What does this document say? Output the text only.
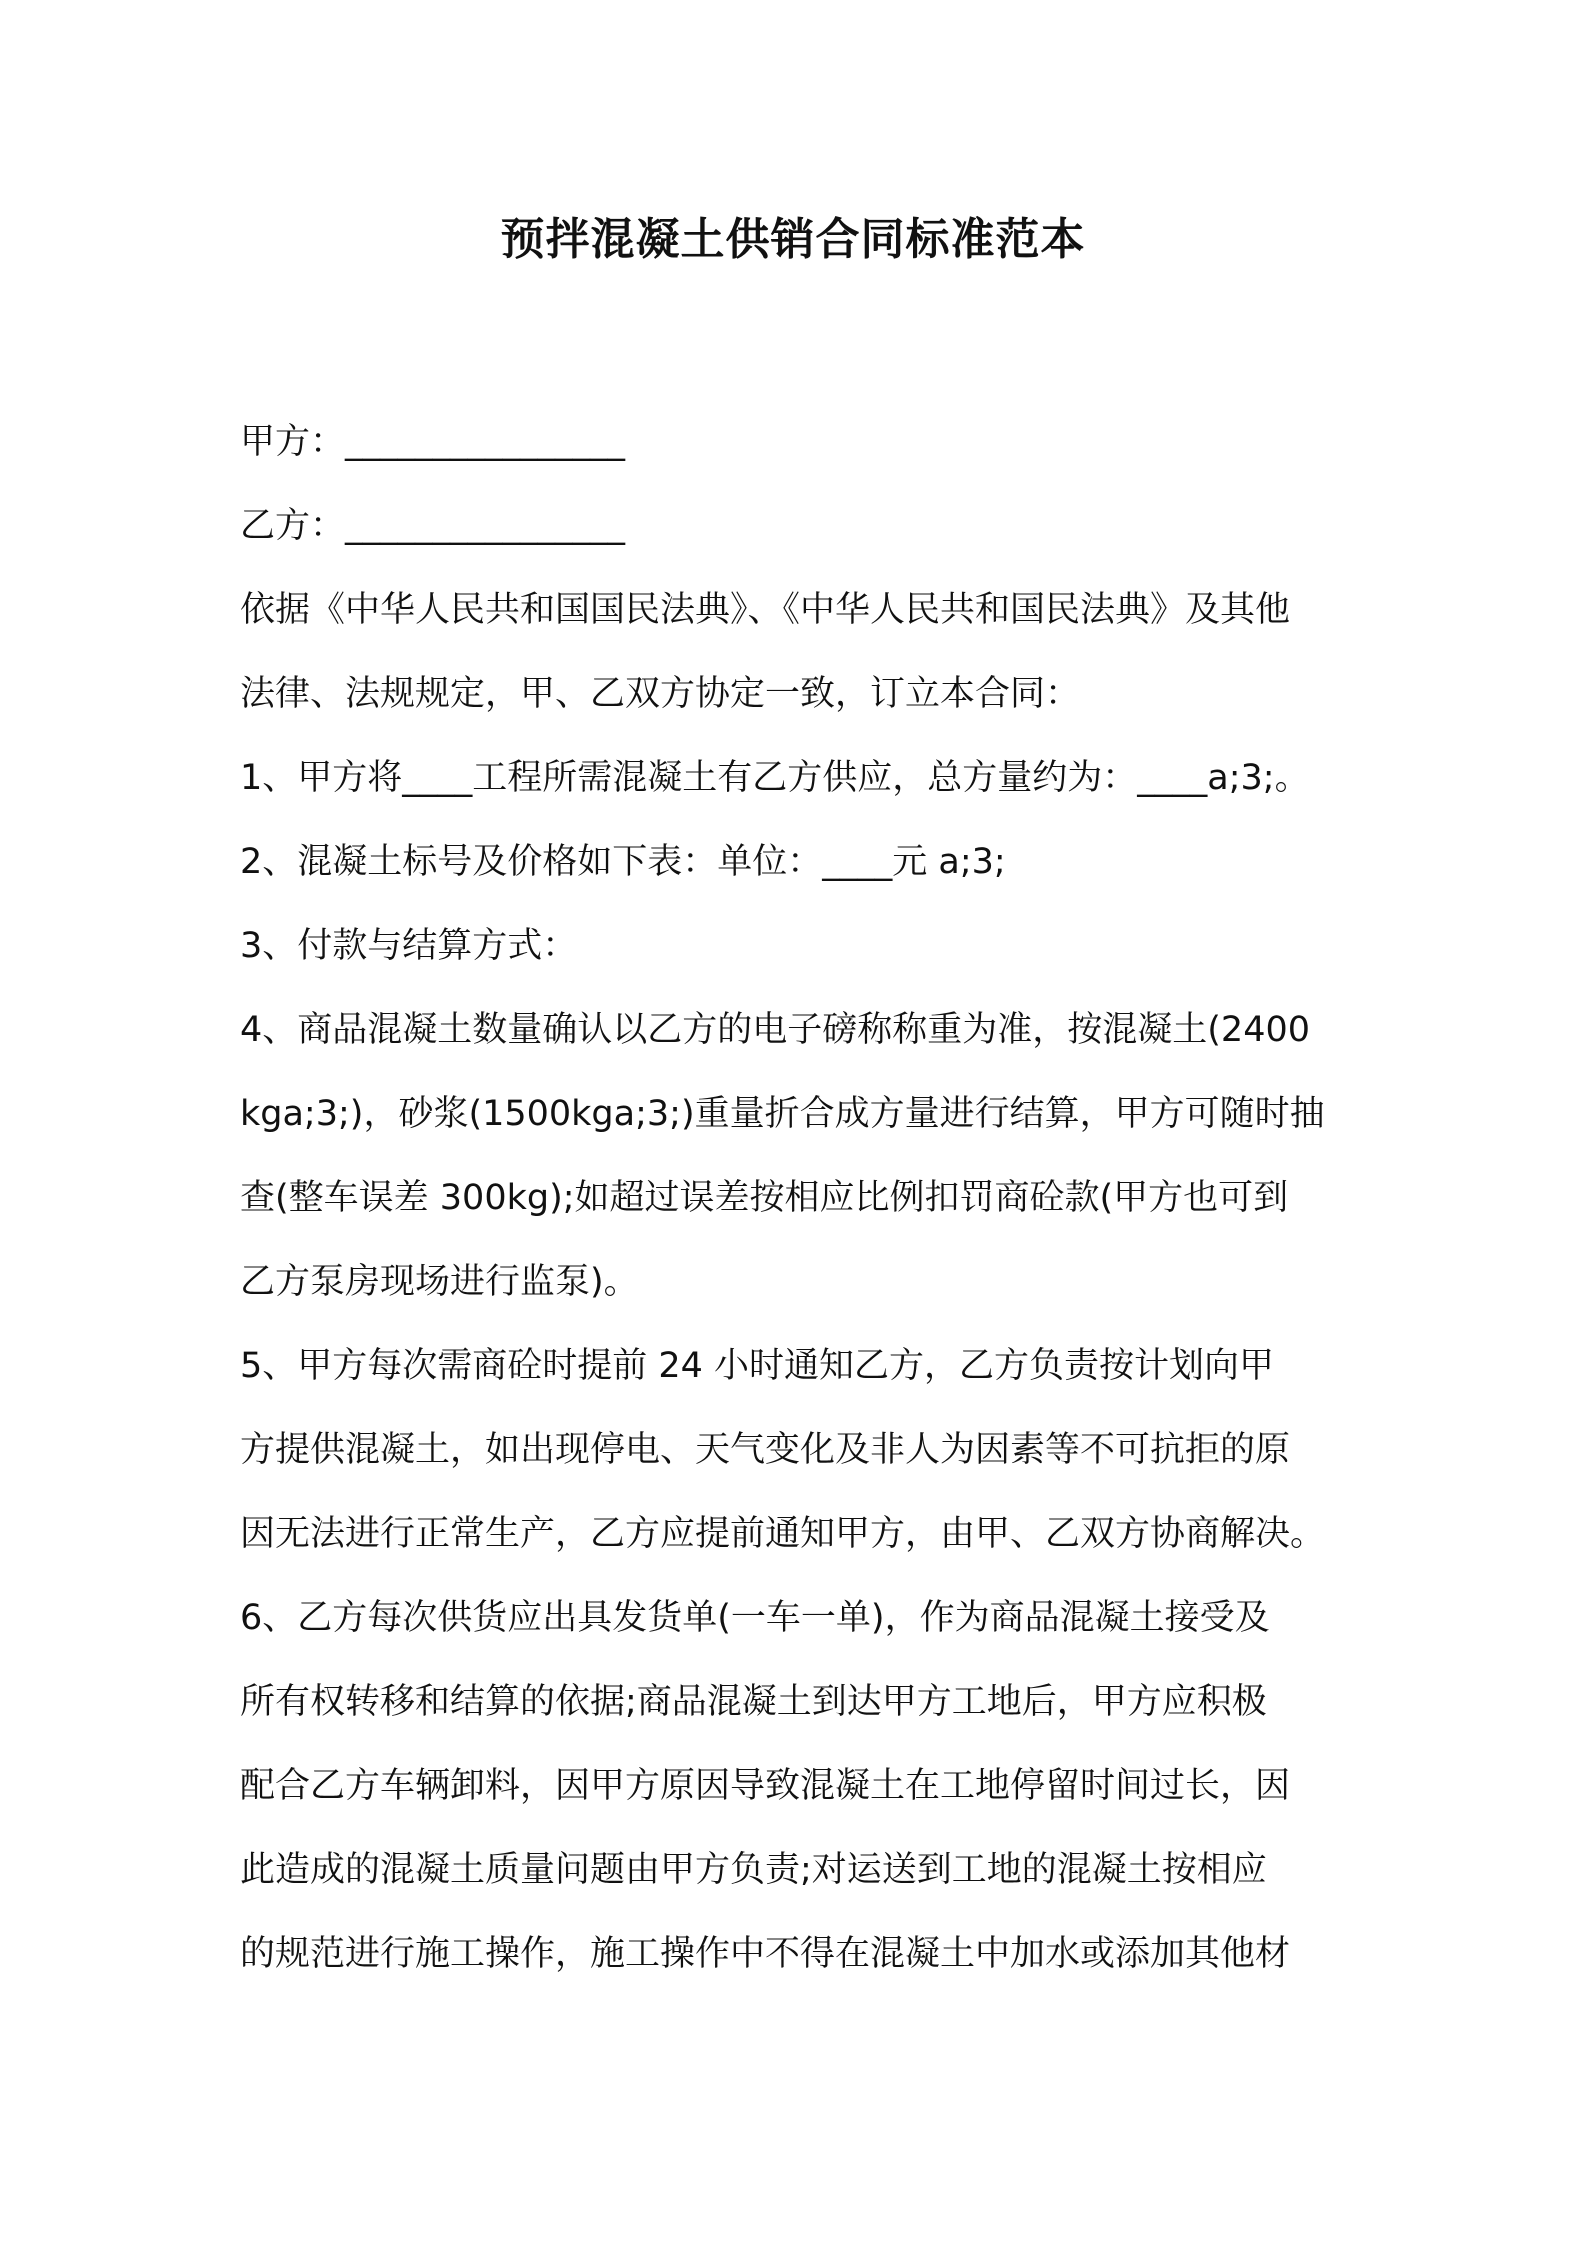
预拌混凝土供销合同标准范本
甲方：________________
乙方：________________
依据《中华人民共和国国民法典》、《中华人民共和国民法典》及其他
法律、法规规定，甲、乙双方协定一致，订立本合同：
1、甲方将____工程所需混凝土有乙方供应，总方量约为：____a;3;。
2、混凝土标号及价格如下表：单位：____元 a;3;
3、付款与结算方式：
4、商品混凝土数量确认以乙方的电子磅称称重为准，按混凝土(2400
kga;3;)，砂浆(1500kga;3;)重量折合成方量进行结算，甲方可随时抽
查(整车误差 300kg);如超过误差按相应比例扣罚商砼款(甲方也可到
乙方泵房现场进行监泵)。
5、甲方每次需商砼时提前 24 小时通知乙方，乙方负责按计划向甲
方提供混凝土，如出现停电、天气变化及非人为因素等不可抗拒的原
因无法进行正常生产，乙方应提前通知甲方，由甲、乙双方协商解决。
6、乙方每次供货应出具发货单(一车一单)，作为商品混凝土接受及
所有权转移和结算的依据;商品混凝土到达甲方工地后，甲方应积极
配合乙方车辆卸料，因甲方原因导致混凝土在工地停留时间过长，因
此造成的混凝土质量问题由甲方负责;对运送到工地的混凝土按相应
的规范进行施工操作，施工操作中不得在混凝土中加水或添加其他材
